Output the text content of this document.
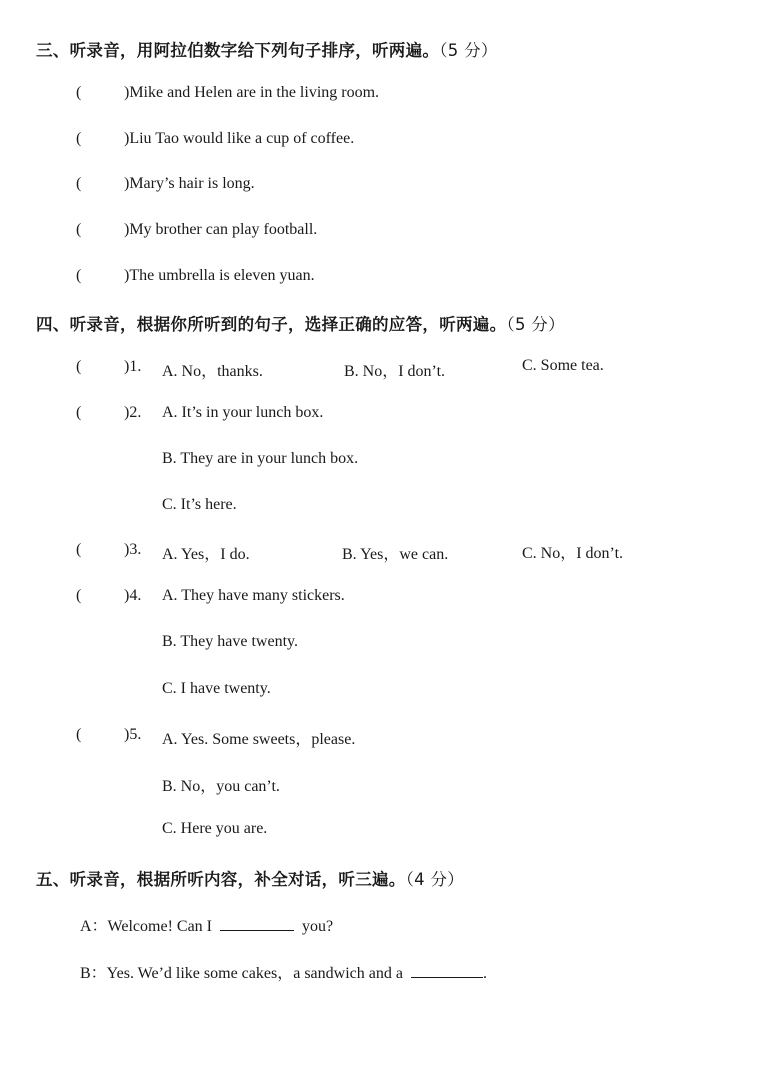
三、听录音，用阿拉伯数字给下列句子排序，听两遍。（5 分）
(	)Mike and Helen are in the living room.
(	)Liu Tao would like a cup of coffee.
(	)Mary’s hair is long.
(	)My brother can play football.
(	)The umbrella is eleven yuan.
四、听录音，根据你所听到的句子，选择正确的应答，听两遍。（5 分）
(	)1. A. No，thanks.	B. No，I don’t.	C. Some tea.
(	)2. A. It’s in your lunch box.
B. They are in your lunch box.
C. It’s here.
(	)3. A. Yes，I do.	B. Yes，we can.	C. No，I don’t.
(	)4. A. They have many stickers.
B. They have twenty.
C. I have twenty.
(	)5. A. Yes. Some sweets，please.
B. No，you can’t.
C. Here you are.
五、听录音，根据所听内容，补全对话，听三遍。（4 分）
A：Welcome! Can I	you?
B：Yes. We’d like some cakes，a sandwich and a	.
